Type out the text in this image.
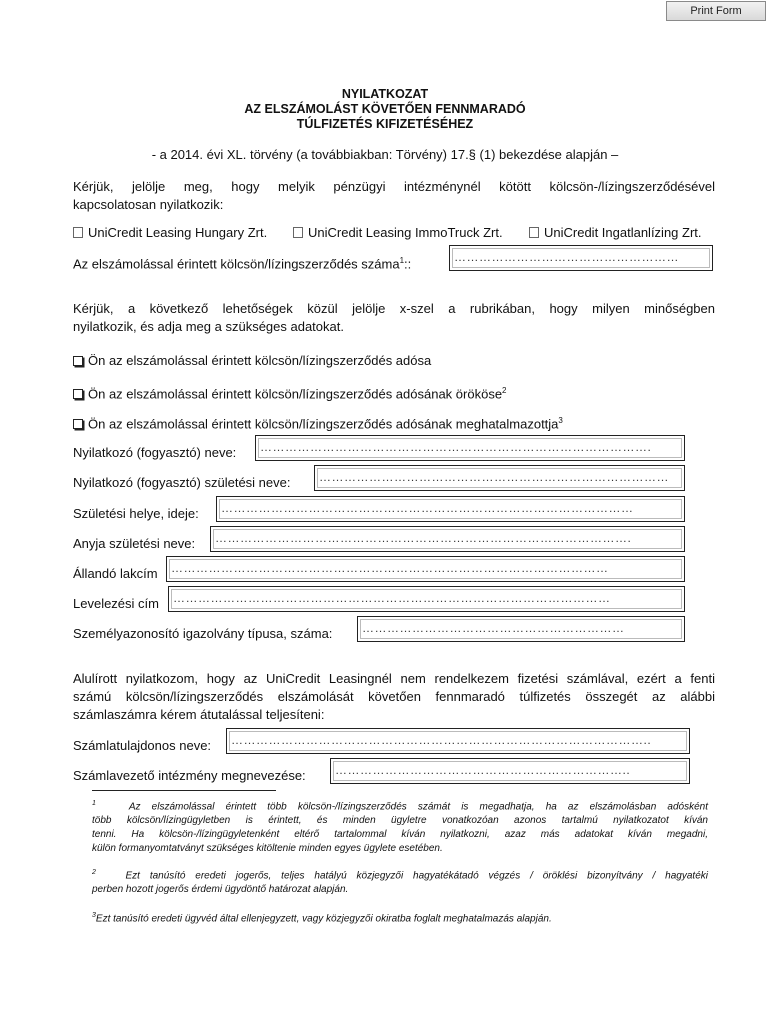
Print Form
NYILATKOZAT
AZ ELSZÁMOLÁST KÖVETŐEN FENNMARADÓ
TÚLFIZETÉS KIFIZETÉSÉHEZ
- a 2014. évi XL. törvény (a továbbiakban: Törvény) 17.§ (1) bekezdése alapján –
Kérjük, jelölje meg, hogy melyik pénzügyi intézménynél kötött kölcsön-/lízingszerződésével
kapcsolatosan nyilatkozik:
UniCredit Leasing Hungary Zrt.	UniCredit Leasing ImmoTruck Zrt.	UniCredit Ingatlanlízing Zrt.
Az elszámolással érintett kölcsön/lízingszerződés száma$^1$::	………………………………………………
Kérjük, a következő lehetőségek közül jelölje x-szel a rubrikában, hogy milyen minőségben
nyilatkozik, és adja meg a szükséges adatokat.
Ön az elszámolással érintett kölcsön/lízingszerződés adósa
Ön az elszámolással érintett kölcsön/lízingszerződés adósának örököse$^2$
Ön az elszámolással érintett kölcsön/lízingszerződés adósának meghatalmazottja$^3$
Nyilatkozó (fogyasztó) neve:	………………………………………………………………………………….
Nyilatkozó (fogyasztó) születési neve:	…………………………………………………………………………
Születési helye, ideje:	………………………………………………………………………………………
Anyja születési neve:	……………………………………………………………………………………….
Állandó lakcím	……………………………………………………………………………………………
Levelezési cím	……………………………………………………………………………………………
Személyazonosító igazolvány típusa, száma:	………………………………………………………
Alulírott nyilatkozom, hogy az UniCredit Leasingnél nem rendelkezem fizetési számlával, ezért a fenti
számú kölcsön/lízingszerződés elszámolását követően fennmaradó túlfizetés összegét az alábbi
számlaszámra kérem átutalással teljesíteni:
Számlatulajdonos neve:	………………………………………………………………………………………..
Számlavezető intézmény megnevezése:	……………………………………………………………..
$^1$	Az elszámolással érintett több kölcsön-/lízingszerződés számát is megadhatja, ha az elszámolásban adósként
több kölcsön/lízingügyletben is érintett, és minden ügyletre vonatkozóan azonos tartalmú nyilatkozatot kíván
tenni. Ha kölcsön-/lízingügyletenként eltérő tartalommal kíván nyilatkozni, azaz más adatokat kíván megadni,
külön formanyomtatványt szükséges kitöltenie minden egyes ügylete esetében.
$^2$	Ezt tanúsító eredeti jogerős, teljes hatályú közjegyzői hagyatékátadó végzés / öröklési bizonyítvány / hagyatéki
perben hozott jogerős érdemi ügydöntő határozat alapján.
$^3$Ezt tanúsító eredeti ügyvéd által ellenjegyzett, vagy közjegyzői okiratba foglalt meghatalmazás alapján.
